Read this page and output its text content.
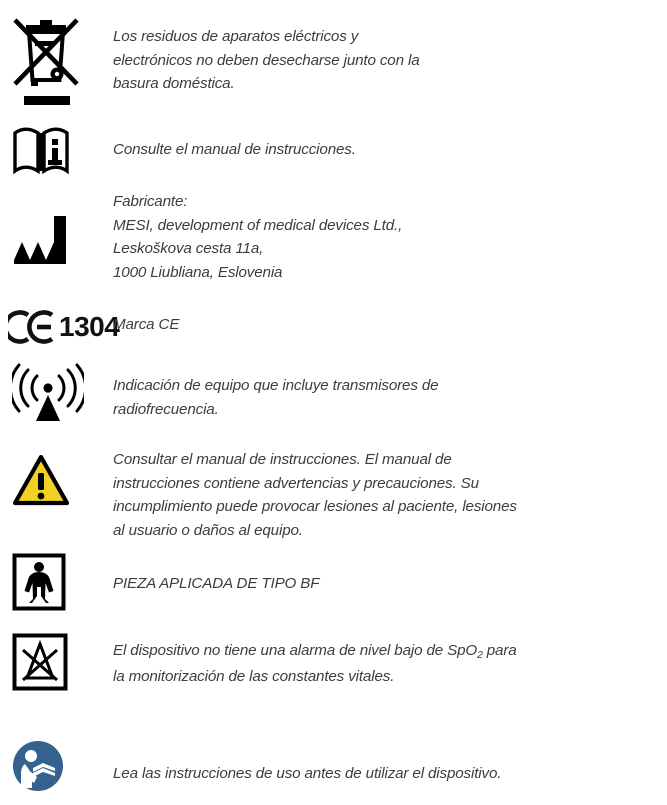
Los residuos de aparatos eléctricos y

electrónicos no deben desecharse junto con la

basura doméstica.

Consulte el manual de instrucciones.

Fabricante:

MESI, development of medical devices Ltd.,

Leskoškova cesta 11a,

1000 Liubliana, Eslovenia

1304

Marca CE

Indicación de equipo que incluye transmisores de

radiofrecuencia.

Consultar el manual de instrucciones. El manual de

instrucciones contiene advertencias y precauciones. Su

incumplimiento puede provocar lesiones al paciente, lesiones

al usuario o daños al equipo.

PIEZA APLICADA DE TIPO BF

El dispositivo no tiene una alarma de nivel bajo de SpO$_2$ para

la monitorización de las constantes vitales.

Lea las instrucciones de uso antes de utilizar el dispositivo.
